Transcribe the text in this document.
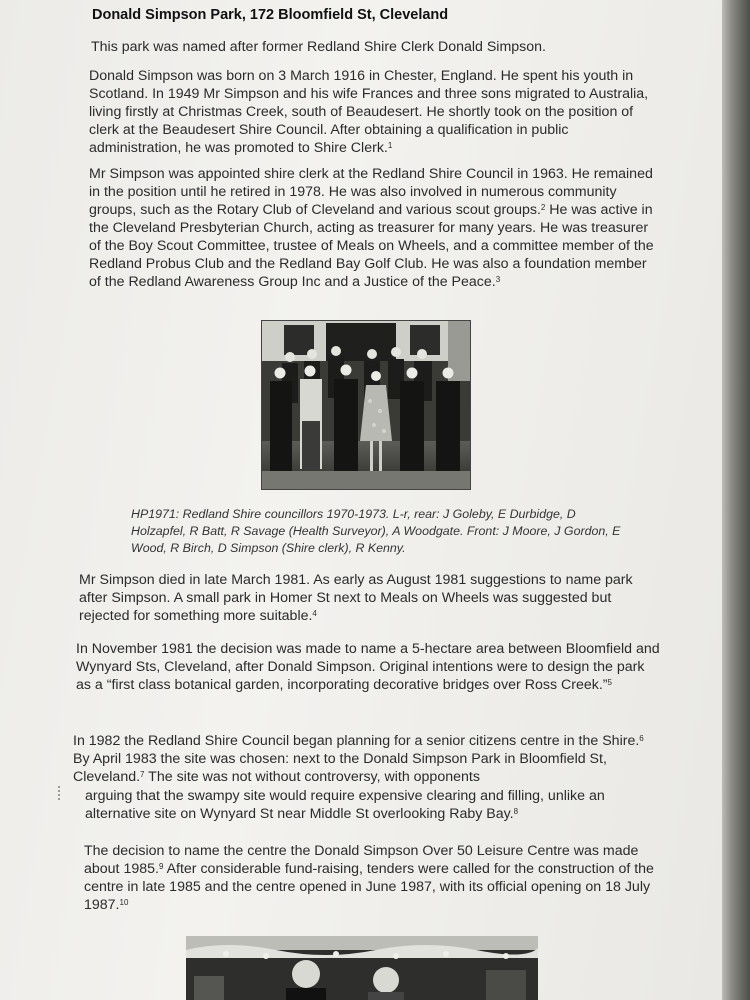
Donald Simpson Park, 172 Bloomfield St, Cleveland

This park was named after former Redland Shire Clerk Donald Simpson.

Donald Simpson was born on 3 March 1916 in Chester, England. He spent his youth in Scotland. In 1949 Mr Simpson and his wife Frances and three sons migrated to Australia, living firstly at Christmas Creek, south of Beaudesert. He shortly took on the position of clerk at the Beaudesert Shire Council. After obtaining a qualification in public administration, he was promoted to Shire Clerk.$^1$

Mr Simpson was appointed shire clerk at the Redland Shire Council in 1963. He remained in the position until he retired in 1978. He was also involved in numerous community groups, such as the Rotary Club of Cleveland and various scout groups.$^2$ He was active in the Cleveland Presbyterian Church, acting as treasurer for many years. He was treasurer of the Boy Scout Committee, trustee of Meals on Wheels, and a committee member of the Redland Probus Club and the Redland Bay Golf Club. He was also a foundation member of the Redland Awareness Group Inc and a Justice of the Peace.$^3$

HP1971: Redland Shire councillors 1970-1973. L-r, rear: J Goleby, E Durbidge, D Holzapfel, R Batt, R Savage (Health Surveyor), A Woodgate. Front: J Moore, J Gordon, E Wood, R Birch, D Simpson (Shire clerk), R Kenny.

Mr Simpson died in late March 1981. As early as August 1981 suggestions to name park after Simpson. A small park in Homer St next to Meals on Wheels was suggested but rejected for something more suitable.$^4$

In November 1981 the decision was made to name a 5-hectare area between Bloomfield and Wynyard Sts, Cleveland, after Donald Simpson. Original intentions were to design the park as a “first class botanical garden, incorporating decorative bridges over Ross Creek.”$^5$

In 1982 the Redland Shire Council began planning for a senior citizens centre in the Shire.$^6$ By April 1983 the site was chosen: next to the Donald Simpson Park in Bloomfield St, Cleveland.$^7$ The site was not without controversy, with opponents

arguing that the swampy site would require expensive clearing and filling, unlike an alternative site on Wynyard St near Middle St overlooking Raby Bay.$^8$

The decision to name the centre the Donald Simpson Over 50 Leisure Centre was made about 1985.$^9$ After considerable fund-raising, tenders were called for the construction of the centre in late 1985 and the centre opened in June 1987, with its official opening on 18 July 1987.10
